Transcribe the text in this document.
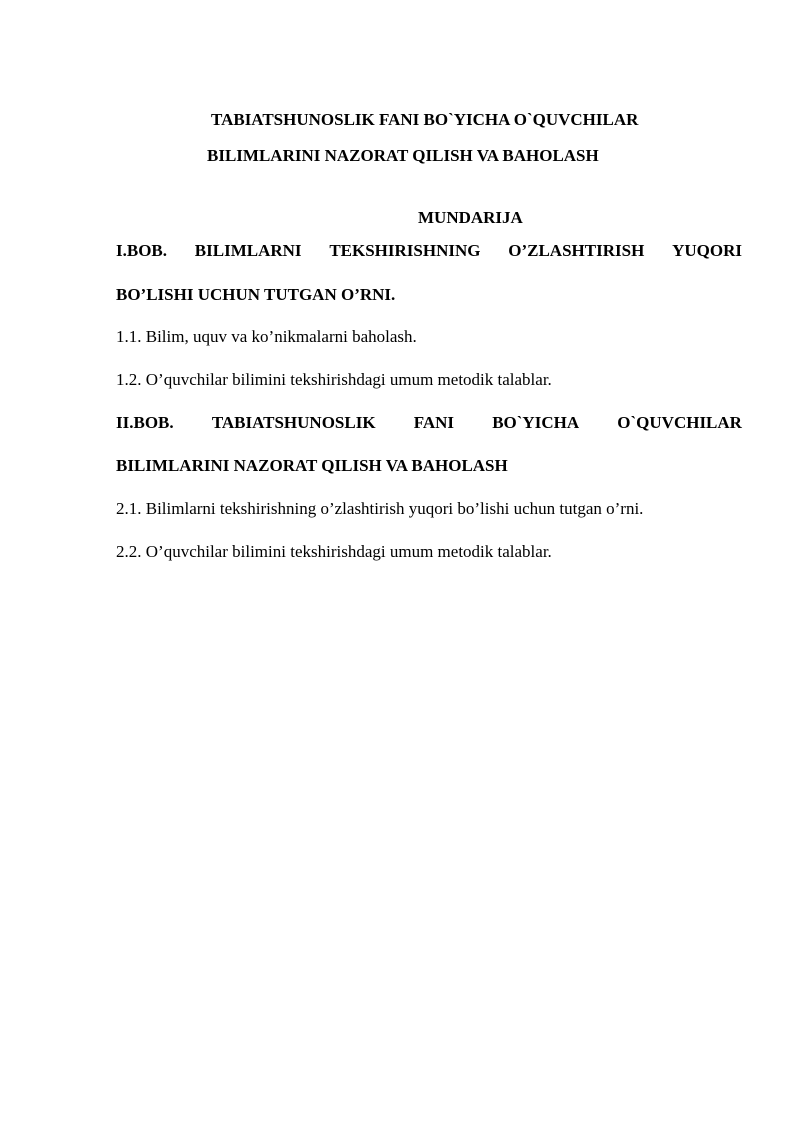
TABIATSHUNOSLIK FANI BO`YICHA O`QUVCHILAR
BILIMLARINI NAZORAT QILISH VA BAHOLASH
MUNDARIJA
I.BOB. BILIMLARNI TEKSHIRISHNING O’ZLASHTIRISH YUQORI
BO’LISHI UCHUN TUTGAN O’RNI.
1.1. Bilim, uquv va ko’nikmalarni baholash.
1.2. O’quvchilar bilimini tekshirishdagi umum metodik talablar.
II.BOB. TABIATSHUNOSLIK FANI BO`YICHA O`QUVCHILAR
BILIMLARINI NAZORAT QILISH VA BAHOLASH
2.1. Bilimlarni tekshirishning o’zlashtirish yuqori bo’lishi uchun tutgan o’rni.
2.2. O’quvchilar bilimini tekshirishdagi umum metodik talablar.
